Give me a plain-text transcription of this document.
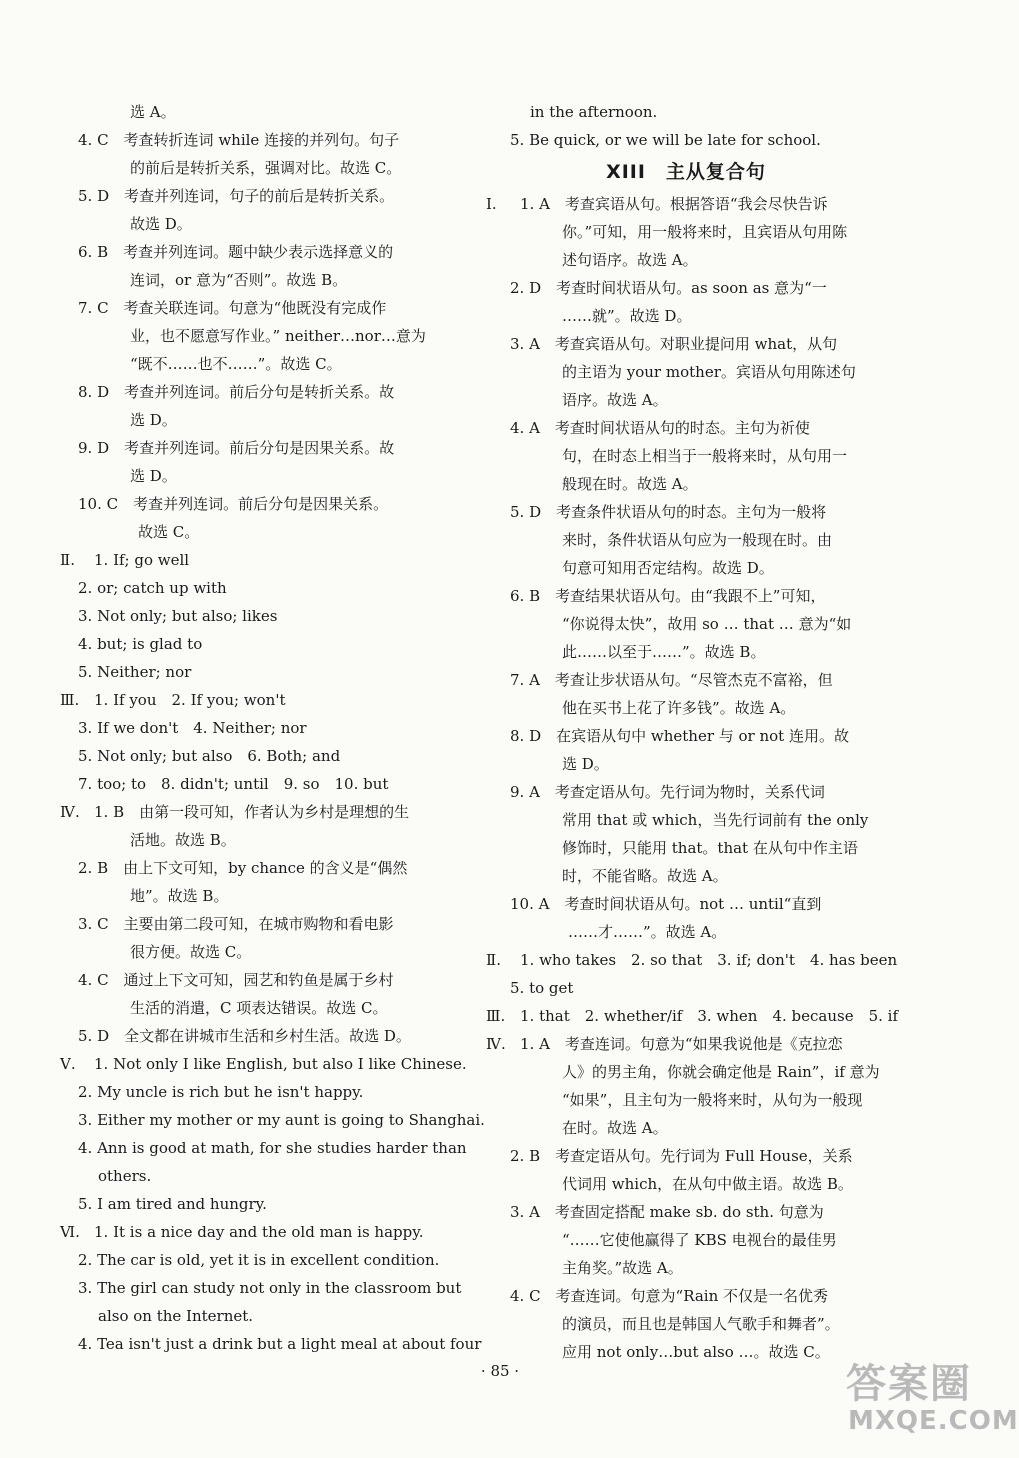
选 A。
4. C　考查转折连词 while 连接的并列句。句子
的前后是转折关系，强调对比。故选 C。
5. D　考查并列连词，句子的前后是转折关系。
故选 D。
6. B　考查并列连词。题中缺少表示选择意义的
连词，or 意为“否则”。故选 B。
7. C　考查关联连词。句意为“他既没有完成作
业，也不愿意写作业。” neither…nor…意为
“既不……也不……”。故选 C。
8. D　考查并列连词。前后分句是转折关系。故
选 D。
9. D　考查并列连词。前后分句是因果关系。故
选 D。
10. C　考查并列连词。前后分句是因果关系。
故选 C。
Ⅱ. 1. If; go well
2. or; catch up with
3. Not only; but also; likes
4. but; is glad to
5. Neither; nor
Ⅲ. 1. If you　2. If you; won't
3. If we don't　4. Neither; nor
5. Not only; but also　6. Both; and
7. too; to　8. didn't; until　9. so　10. but
Ⅳ. 1. B　由第一段可知，作者认为乡村是理想的生
活地。故选 B。
2. B　由上下文可知，by chance 的含义是“偶然
地”。故选 B。
3. C　主要由第二段可知，在城市购物和看电影
很方便。故选 C。
4. C　通过上下文可知，园艺和钓鱼是属于乡村
生活的消遣，C 项表达错误。故选 C。
5. D　全文都在讲城市生活和乡村生活。故选 D。
Ⅴ. 1. Not only I like English, but also I like Chinese.
2. My uncle is rich but he isn't happy.
3. Either my mother or my aunt is going to Shanghai.
4. Ann is good at math, for she studies harder than
others.
5. I am tired and hungry.
Ⅵ. 1. It is a nice day and the old man is happy.
2. The car is old, yet it is in excellent condition.
3. The girl can study not only in the classroom but
also on the Internet.
4. Tea isn't just a drink but a light meal at about four
in the afternoon.
5. Be quick, or we will be late for school.
XIII　主从复合句
Ⅰ. 1. A　考查宾语从句。根据答语“我会尽快告诉
你。”可知，用一般将来时，且宾语从句用陈
述句语序。故选 A。
2. D　考查时间状语从句。as soon as 意为“一
……就”。故选 D。
3. A　考查宾语从句。对职业提问用 what，从句
的主语为 your mother。宾语从句用陈述句
语序。故选 A。
4. A　考查时间状语从句的时态。主句为祈使
句，在时态上相当于一般将来时，从句用一
般现在时。故选 A。
5. D　考查条件状语从句的时态。主句为一般将
来时，条件状语从句应为一般现在时。由
句意可知用否定结构。故选 D。
6. B　考查结果状语从句。由“我跟不上”可知，
“你说得太快”，故用 so … that … 意为“如
此……以至于……”。故选 B。
7. A　考查让步状语从句。“尽管杰克不富裕，但
他在买书上花了许多钱”。故选 A。
8. D　在宾语从句中 whether 与 or not 连用。故
选 D。
9. A　考查定语从句。先行词为物时，关系代词
常用 that 或 which，当先行词前有 the only
修饰时，只能用 that。that 在从句中作主语
时，不能省略。故选 A。
10. A　考查时间状语从句。not … until“直到
……才……”。故选 A。
Ⅱ. 1. who takes　2. so that　3. if; don't　4. has been
5. to get
Ⅲ. 1. that　2. whether/if　3. when　4. because　5. if
Ⅳ. 1. A　考查连词。句意为“如果我说他是《克拉恋
人》的男主角，你就会确定他是 Rain”，if 意为
“如果”，且主句为一般将来时，从句为一般现
在时。故选 A。
2. B　考查定语从句。先行词为 Full House，关系
代词用 which，在从句中做主语。故选 B。
3. A　考查固定搭配 make sb. do sth. 句意为
“……它使他赢得了 KBS 电视台的最佳男
主角奖。”故选 A。
4. C　考查连词。句意为“Rain 不仅是一名优秀
的演员，而且也是韩国人气歌手和舞者”。
应用 not only…but also …。故选 C。
· 85 ·	答案圈
MXQE.COM
